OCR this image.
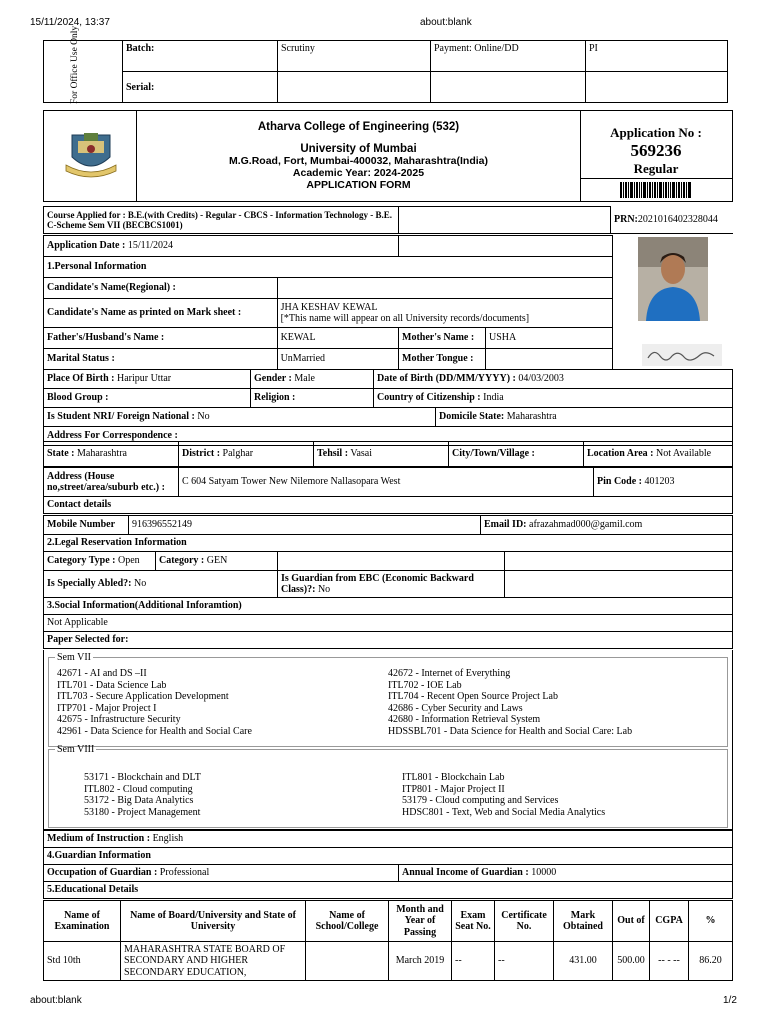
15/11/2024, 13:37	about:blank
	Batch:	Scrutiny	Payment: Online/DD	PI
	Serial:			
For Office Use Only
Atharva College of Engineering (532)
University of Mumbai
M.G.Road, Fort, Mumbai-400032, Maharashtra(India)
Academic Year: 2024-2025
APPLICATION FORM
Application No :
569236
Regular
Course Applied for : B.E.(with Credits) - Regular - CBCS - Information Technology - B.E. C-Scheme Sem VII (BECBCS1001)		PRN:2021016402328044
Application Date : 15/11/2024			
1.Personal Information			
Candidate's Name(Regional) :			
Candidate's Name as printed on Mark sheet :	JHA KESHAV KEWAL
[*This name will appear on all University records/documents]		

Father's/Husband's Name :	KEWAL	Mother's Name :	USHA
Marital Status :	UnMarried	Mother Tongue :	
Place Of Birth : Haripur Uttar	Gender : Male	Date of Birth (DD/MM/YYYY) : 04/03/2003	
Blood Group :	Religion :	Country of Citizenship : India	
Is Student NRI/ Foreign National : No			Domicile State: Maharashtra
Address For Correspondence :			
State : Maharashtra	District : Palghar	Tehsil : Vasai	City/Town/Village :	Location Area : Not Available
Address (House no,street/area/suburb etc.) :	C 604 Satyam Tower New Nilemore Nallasopara West	Pin Code : 401203
Contact details
Mobile Number	916396552149	Email ID: afrazahmad000@gamil.com
2.Legal Reservation Information
Category Type : Open	Category : GEN		
Is Specially Abled?: No		Is Guardian from EBC (Economic Backward Class)?: No	
3.Social Information(Additional Inforamtion)			
Not Applicable			
Paper Selected for:			
Sem VII
42671 - AI and DS –II
ITL701 - Data Science Lab
ITL703 - Secure Application Development
ITP701 - Major Project I
42675 - Infrastructure Security
42961 - Data Science for Health and Social Care
42672 - Internet of Everything
ITL702 - IOE Lab
ITL704 - Recent Open Source Project Lab
42686 - Cyber Security and Laws
42680 - Information Retrieval System
HDSSBL701 - Data Science for Health and Social Care: Lab
Sem VIII
53171 - Blockchain and DLT
ITL802 - Cloud computing
53172 - Big Data Analytics
53180 - Project Management
ITL801 - Blockchain Lab
ITP801 - Major Project II
53179 - Cloud computing and Services
HDSC801 - Text, Web and Social Media Analytics
Medium of Instruction : English
4.Guardian Information
Occupation of Guardian : Professional	Annual Income of Guardian : 10000
5.Educational Details
Name of Examination	Name of Board/University and State of University	Name of School/College	Month and Year of Passing	Exam Seat No.	Certificate No.	Mark Obtained	Out of	CGPA	%
Std 10th	MAHARASHTRA STATE BOARD OF SECONDARY AND HIGHER SECONDARY EDUCATION,		March 2019	--	--	431.00	500.00	-- - --	86.20
about:blank	1/2
